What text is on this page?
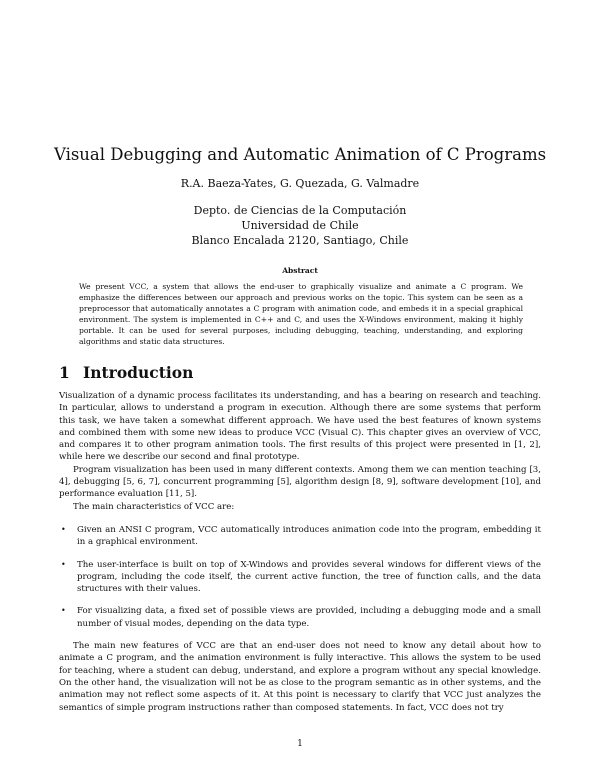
Visual Debugging and Automatic Animation of C Programs

R.A. Baeza-Yates, G. Quezada, G. Valmadre

Depto. de Ciencias de la Computación
Universidad de Chile
Blanco Encalada 2120, Santiago, Chile

Abstract

We present VCC, a system that allows the end-user to graphically visualize and animate a C program. We emphasize the differences between our approach and previous works on the topic. This system can be seen as a preprocessor that automatically annotates a C program with animation code, and embeds it in a special graphical environment. The system is implemented in C++ and C, and uses the X-Windows environment, making it highly portable. It can be used for several purposes, including debugging, teaching, understanding, and exploring algorithms and static data structures.

1 Introduction

Visualization of a dynamic process facilitates its understanding, and has a bearing on research and teaching. In particular, allows to understand a program in execution. Although there are some systems that perform this task, we have taken a somewhat different approach. We have used the best features of known systems and combined them with some new ideas to produce VCC (Visual C). This chapter gives an overview of VCC, and compares it to other program animation tools. The first results of this project were presented in [1, 2], while here we describe our second and final prototype.

Program visualization has been used in many different contexts. Among them we can mention teaching [3, 4], debugging [5, 6, 7], concurrent programming [5], algorithm design [8, 9], software development [10], and performance evaluation [11, 5].

The main characteristics of VCC are:

• Given an ANSI C program, VCC automatically introduces animation code into the program, embedding it in a graphical environment.
• The user-interface is built on top of X-Windows and provides several windows for different views of the program, including the code itself, the current active function, the tree of function calls, and the data structures with their values.
• For visualizing data, a fixed set of possible views are provided, including a debugging mode and a small number of visual modes, depending on the data type.

The main new features of VCC are that an end-user does not need to know any detail about how to animate a C program, and the animation environment is fully interactive. This allows the system to be used for teaching, where a student can debug, understand, and explore a program without any special knowledge. On the other hand, the visualization will not be as close to the program semantic as in other systems, and the animation may not reflect some aspects of it. At this point is necessary to clarify that VCC just analyzes the semantics of simple program instructions rather than composed statements. In fact, VCC does not try

1
